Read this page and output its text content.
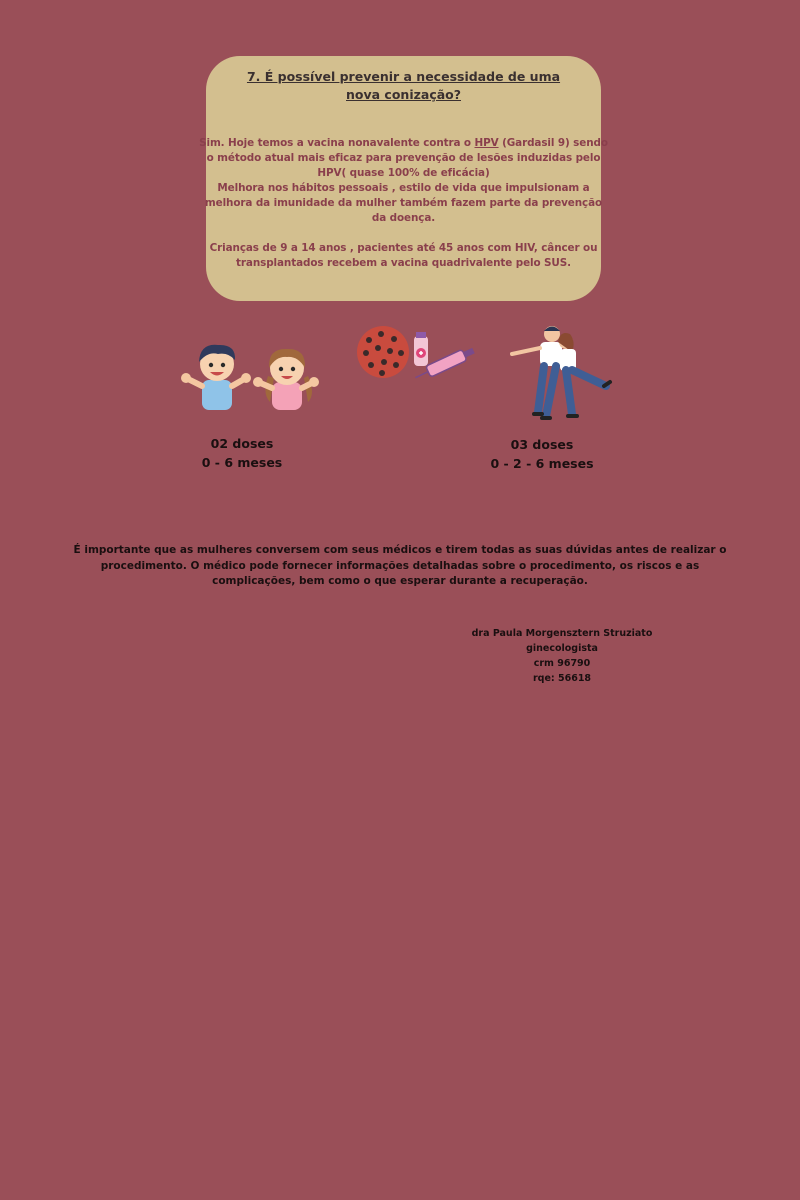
7. É possível prevenir a necessidade de uma nova conização?

Sim. Hoje temos a vacina nonavalente contra o HPV (Gardasil 9) sendo o método atual mais eficaz para prevenção de lesões induzidas pelo HPV( quase 100% de eficácia)

Melhora nos hábitos pessoais , estilo de vida que impulsionam a melhora da imunidade da mulher também fazem parte da prevenção da doença.

Crianças de 9 a 14 anos , pacientes até 45 anos com HIV, câncer ou transplantados recebem a vacina quadrivalente pelo SUS.

02 doses
0 - 6 meses
03 doses
0 - 2 - 6 meses
É importante que as mulheres conversem com seus médicos e tirem todas as suas dúvidas antes de realizar o procedimento. O médico pode fornecer informações detalhadas sobre o procedimento, os riscos e as complicações, bem como o que esperar durante a recuperação.
dra Paula Morgensztern Struziato
ginecologista
crm 96790
rqe: 56618
